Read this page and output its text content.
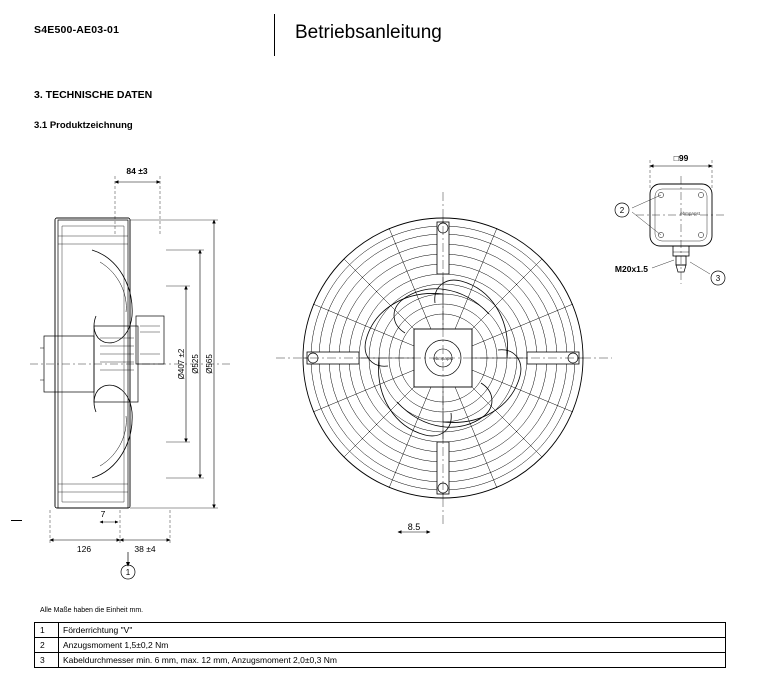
S4E500-AE03-01	Betriebsanleitung
3. TECHNISCHE DATEN
3.1 Produktzeichnung
84 ±3
Ø407 ±2 Ø525 Ø565
7
126	38 ±4
1
8.5
ebmpapst
□99
ebmpapst
M20x1.5
2
3
Alle Maße haben die Einheit mm.
1	Förderrichtung "V"
2	Anzugsmoment 1,5±0,2 Nm
3	Kabeldurchmesser min. 6 mm, max. 12 mm, Anzugsmoment 2,0±0,3 Nm
